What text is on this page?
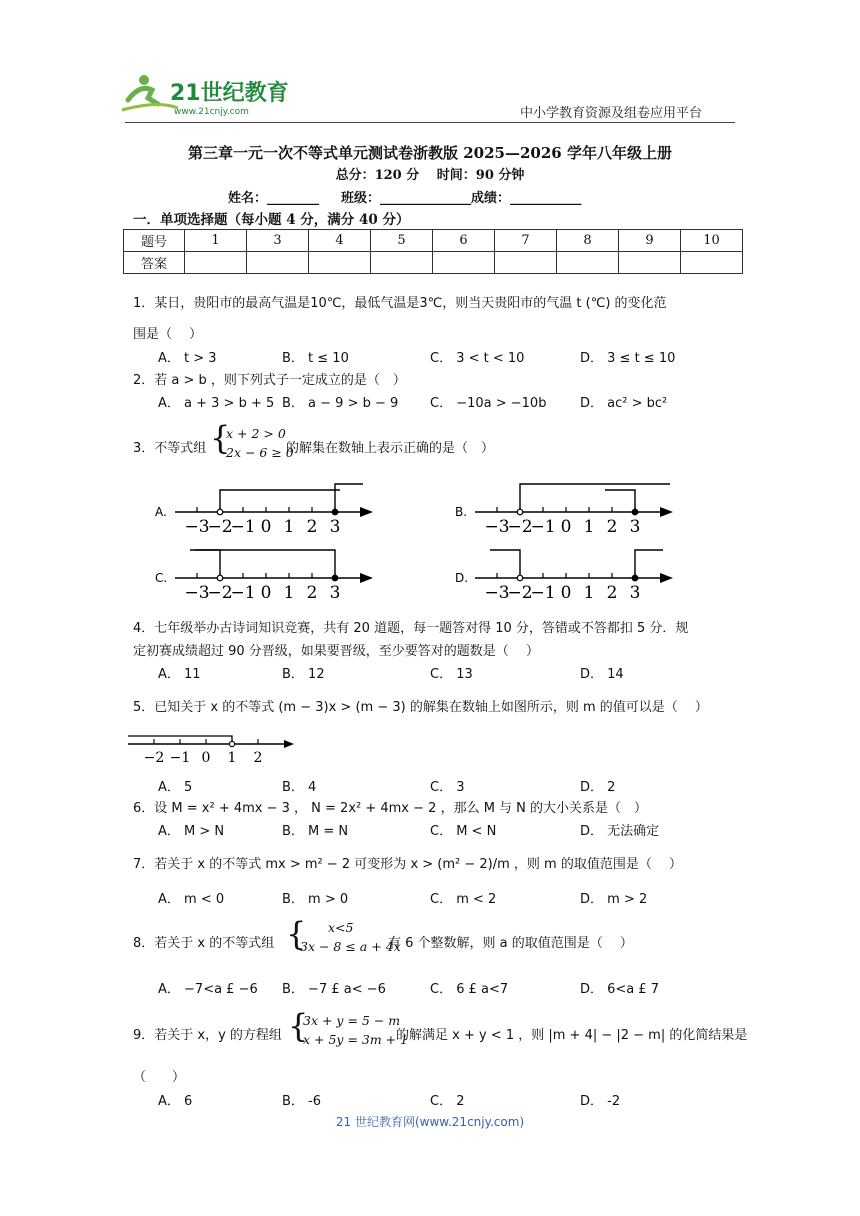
21世纪教育
www.21cnjy.com	中小学教育资源及组卷应用平台
第三章一元一次不等式单元测试卷浙教版 2025—2026 学年八年级上册
总分：120 分　 时间：90 分钟
姓名：________　  班级：______________成绩：___________
一．单项选择题（每小题 4 分，满分 40 分）
题号	1	3	4	5	6	7	8	9	10
答案									
1．某日，贵阳市的最高气温是10℃，最低气温是3℃，则当天贵阳市的气温 t (℃) 的变化范
围是（　 ）
A． t > 3	B． t ≤ 10	C． 3 < t < 10	D． 3 ≤ t ≤ 10
2．若 a > b ，则下列式子一定成立的是（　）
A． a + 3 > b + 5 B． a − 9 > b − 9 C． −10a > −10b	D． ac² > bc²
3．不等式组 {
x + 2 > 0
2x − 6 ≥ 0
的解集在数轴上表示正确的是（　）
A.
−3
−2
−1 0 1 2 3
B.
−3
−2
−1 0 1 2 3
C.
−3
−2
−1 0 1 2 3
D.
−3
−2
−1 0 1 2 3
4．七年级举办古诗词知识竞赛，共有 20 道题，每一题答对得 10 分，答错或不答都扣 5 分．规
定初赛成绩超过 90 分晋级，如果要晋级，至少要答对的题数是（　 ）
A． 11	B． 12	C． 13	D． 14
5．已知关于 x 的不等式 (m − 3)x > (m − 3) 的解集在数轴上如图所示，则 m 的值可以是（　 ）
−2 −1 0 1 2
A． 5	B． 4	C． 3	D． 2
6．设 M = x² + 4mx − 3 ， N = 2x² + 4mx − 2 ，那么 M 与 N 的大小关系是（　）
A． M > N	B． M = N	C． M < N	D． 无法确定
7．若关于 x 的不等式 mx > m² − 2 可变形为 x > (m² − 2)/m ，则 m 的取值范围是（　 ）
A． m < 0	B． m > 0	C． m < 2	D． m > 2
8．若关于 x 的不等式组 {	x<5
3x − 8 ≤ a + 4x
有 6 个整数解，则 a 的取值范围是（　 ）
A． −7<a £ −6 B． −7 £ a< −6	C． 6 £ a<7	D． 6<a £ 7
9．若关于 x，y 的方程组 {
3x + y = 5 − m
x + 5y = 3m + 1
的解满足 x + y < 1 ，则 |m + 4| − |2 − m| 的化简结果是
（　　）
A． 6	B． -6	C． 2	D． -2
21 世纪教育网(www.21cnjy.com)
